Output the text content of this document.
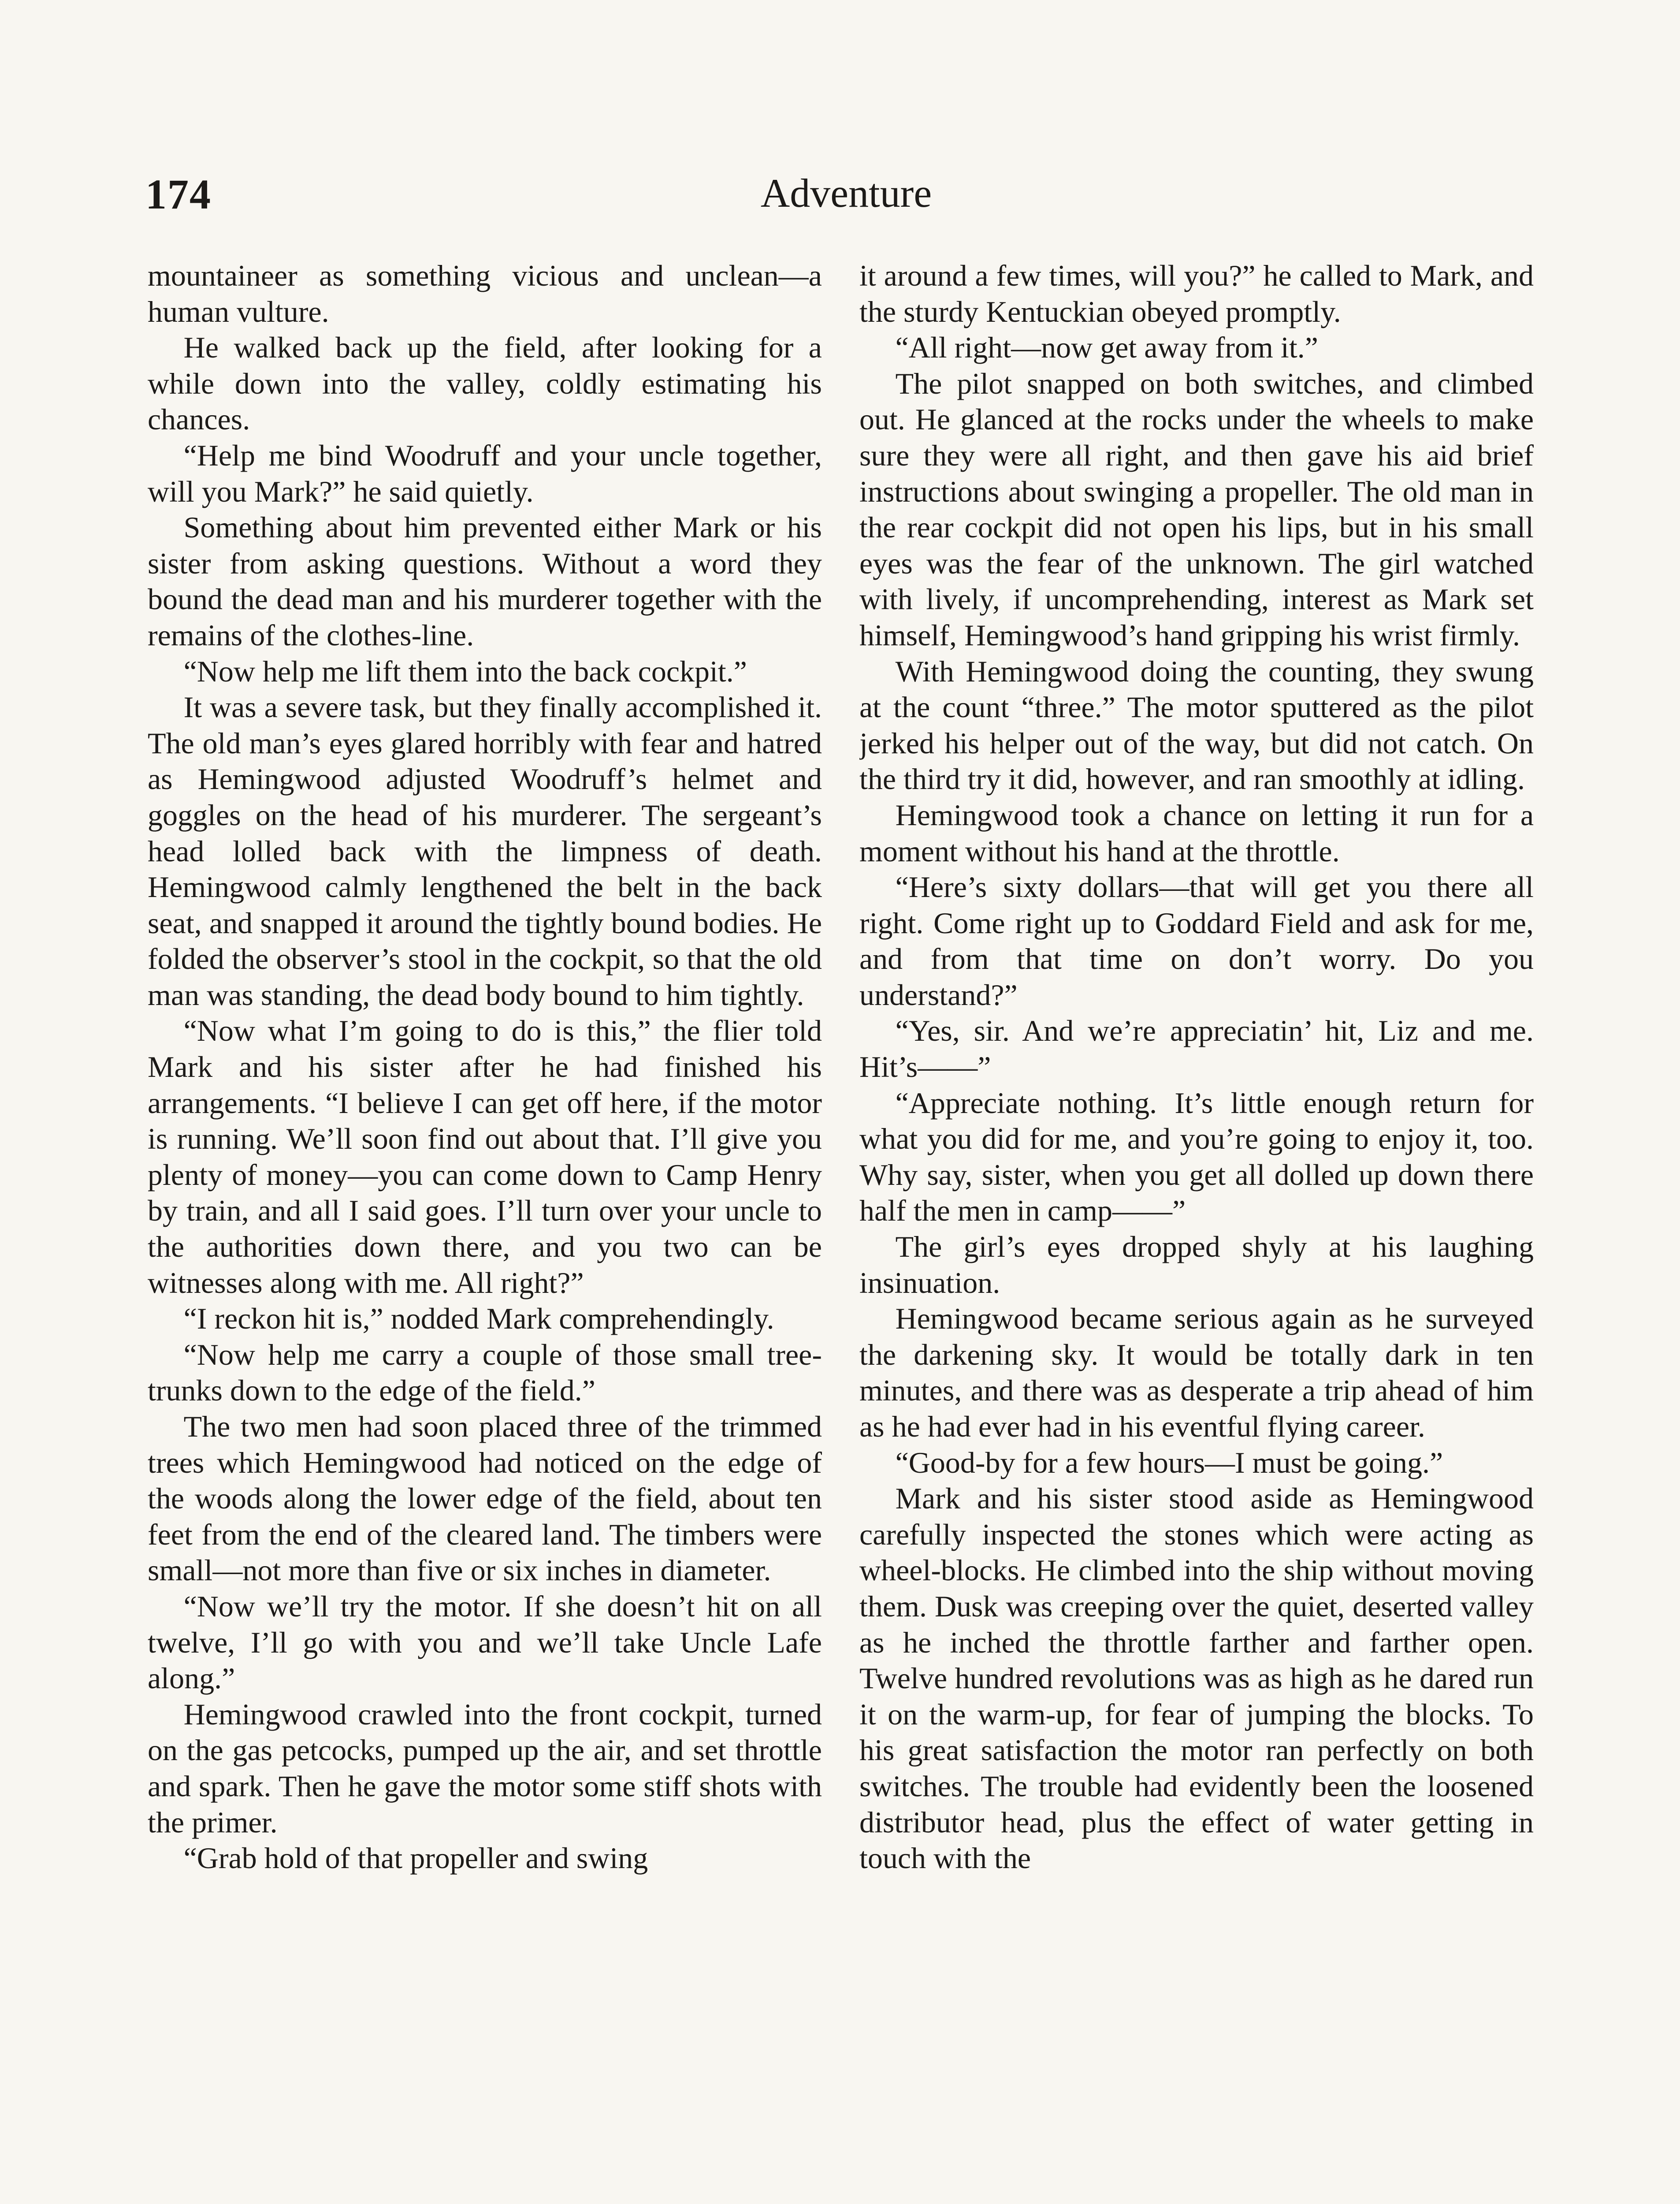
174	Adventure

mountaineer as something vicious and unclean—a human vulture.

He walked back up the field, after looking for a while down into the valley, coldly estimating his chances.

“Help me bind Woodruff and your uncle together, will you Mark?” he said quietly.

Something about him prevented either Mark or his sister from asking questions. Without a word they bound the dead man and his murderer together with the remains of the clothes-line.

“Now help me lift them into the back cockpit.”

It was a severe task, but they finally accomplished it. The old man’s eyes glared horribly with fear and hatred as Hemingwood adjusted Woodruff’s helmet and goggles on the head of his murderer. The sergeant’s head lolled back with the limpness of death. Hemingwood calmly lengthened the belt in the back seat, and snapped it around the tightly bound bodies. He folded the observer’s stool in the cockpit, so that the old man was standing, the dead body bound to him tightly.

“Now what I’m going to do is this,” the flier told Mark and his sister after he had finished his arrangements. “I believe I can get off here, if the motor is running. We’ll soon find out about that. I’ll give you plenty of money—you can come down to Camp Henry by train, and all I said goes. I’ll turn over your uncle to the authorities down there, and you two can be witnesses along with me. All right?”

“I reckon hit is,” nodded Mark comprehendingly.

“Now help me carry a couple of those small tree-trunks down to the edge of the field.”

The two men had soon placed three of the trimmed trees which Hemingwood had noticed on the edge of the woods along the lower edge of the field, about ten feet from the end of the cleared land. The timbers were small—not more than five or six inches in diameter.

“Now we’ll try the motor. If she doesn’t hit on all twelve, I’ll go with you and we’ll take Uncle Lafe along.”

Hemingwood crawled into the front cockpit, turned on the gas petcocks, pumped up the air, and set throttle and spark. Then he gave the motor some stiff shots with the primer.

“Grab hold of that propeller and swing

it around a few times, will you?” he called to Mark, and the sturdy Kentuckian obeyed promptly.

“All right—now get away from it.”

The pilot snapped on both switches, and climbed out. He glanced at the rocks under the wheels to make sure they were all right, and then gave his aid brief instructions about swinging a propeller. The old man in the rear cockpit did not open his lips, but in his small eyes was the fear of the unknown. The girl watched with lively, if uncomprehending, interest as Mark set himself, Hemingwood’s hand gripping his wrist firmly.

With Hemingwood doing the counting, they swung at the count “three.” The motor sputtered as the pilot jerked his helper out of the way, but did not catch. On the third try it did, however, and ran smoothly at idling.

Hemingwood took a chance on letting it run for a moment without his hand at the throttle.

“Here’s sixty dollars—that will get you there all right. Come right up to Goddard Field and ask for me, and from that time on don’t worry. Do you understand?”

“Yes, sir. And we’re appreciatin’ hit, Liz and me. Hit’s——”

“Appreciate nothing. It’s little enough return for what you did for me, and you’re going to enjoy it, too. Why say, sister, when you get all dolled up down there half the men in camp——”

The girl’s eyes dropped shyly at his laughing insinuation.

Hemingwood became serious again as he surveyed the darkening sky. It would be totally dark in ten minutes, and there was as desperate a trip ahead of him as he had ever had in his eventful flying career.

“Good-by for a few hours—I must be going.”

Mark and his sister stood aside as Hemingwood carefully inspected the stones which were acting as wheel-blocks. He climbed into the ship without moving them. Dusk was creeping over the quiet, deserted valley as he inched the throttle farther and farther open. Twelve hundred revolutions was as high as he dared run it on the warm-up, for fear of jumping the blocks. To his great satisfaction the motor ran perfectly on both switches. The trouble had evidently been the loosened distributor head, plus the effect of water getting in touch with the
